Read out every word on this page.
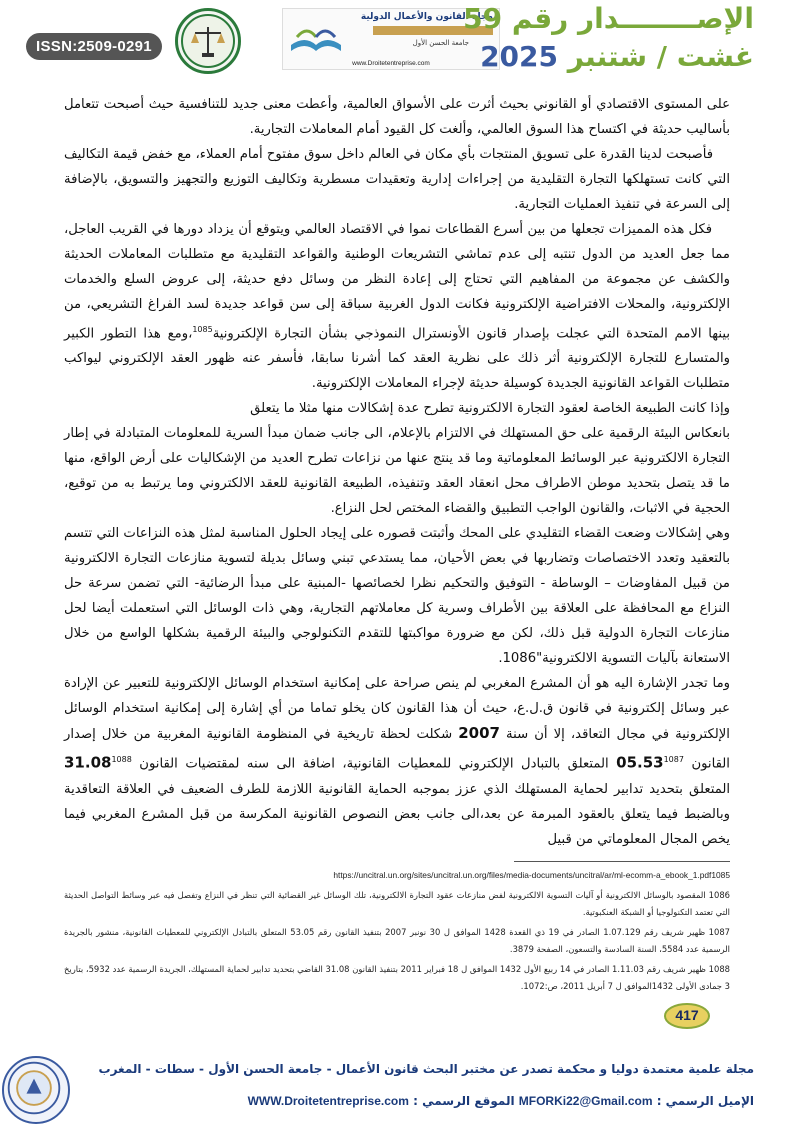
ISSN:2509-0291
مجلة القانون والأعمال الدولية
جامعة الحسن الأول
www.Droitetentreprise.com
الإصــــــــدار رقم 59
غشت / شتنبر 2025

على المستوى الاقتصادي أو القانوني بحيث أثرت على الأسواق العالمية، وأعطت معنى جديد للتنافسية حيث أصبحت تتعامل بأساليب حديثة في اكتساح هذا السوق العالمي، وألغت كل القيود أمام المعاملات التجارية.

فأصبحت لدينا القدرة على تسويق المنتجات بأي مكان في العالم داخل سوق مفتوح أمام العملاء، مع خفض قيمة التكاليف التي كانت تستهلكها التجارة التقليدية من إجراءات إدارية وتعقيدات مسطرية وتكاليف التوزيع والتجهيز والتسويق، بالإضافة إلى السرعة في تنفيذ العمليات التجارية.

فكل هذه المميزات تجعلها من بين أسرع القطاعات نموا في الاقتصاد العالمي ويتوقع أن يزداد دورها في القريب العاجل، مما جعل العديد من الدول تنتبه إلى عدم تماشي التشريعات الوطنية والقواعد التقليدية مع متطلبات المعاملات الحديثة والكشف عن مجموعة من المفاهيم التي تحتاج إلى إعادة النظر من وسائل دفع حديثة، إلى عروض السلع والخدمات الإلكترونية، والمحلات الافتراضية الإلكترونية فكانت الدول الغربية سباقة إلى سن قواعد جديدة لسد الفراغ التشريعي، من بينها الامم المتحدة التي عجلت بإصدار قانون الأونسترال النموذجي بشأن التجارة الإلكترونية$^{1085}$،ومع هذا التطور الكبير والمتسارع للتجارة الإلكترونية أثر ذلك على نظرية العقد كما أشرنا سابقا، فأسفر عنه ظهور العقد الإلكتروني ليواكب متطلبات القواعد القانونية الجديدة كوسيلة حديثة لإجراء المعاملات الإلكترونية.

وإذا كانت الطبيعة الخاصة لعقود التجارة الالكترونية تطرح عدة إشكالات منها مثلا ما يتعلق

بانعكاس البيئة الرقمية على حق المستهلك في الالتزام بالإعلام، الى جانب ضمان مبدأ السرية للمعلومات المتبادلة في إطار التجارة الالكترونية عبر الوسائط المعلوماتية وما قد ينتج عنها من نزاعات تطرح العديد من الإشكاليات على أرض الواقع، منها ما قد يتصل بتحديد موطن الاطراف محل انعقاد العقد وتنفيذه، الطبيعة القانونية للعقد الالكتروني وما يرتبط به من توقيع، الحجية في الاثبات، والقانون الواجب التطبيق والقضاء المختص لحل النزاع.

وهي إشكالات وضعت القضاء التقليدي على المحك وأثبتت قصوره على إيجاد الحلول المناسبة لمثل هذه النزاعات التي تتسم بالتعقيد وتعدد الاختصاصات وتضاربها في بعض الأحيان، مما يستدعي تبني وسائل بديلة لتسوية منازعات التجارة الالكترونية من قبيل المفاوضات – الوساطة - التوفيق والتحكيم نظرا لخصائصها -المبنية على مبدأ الرضائية- التي تضمن سرعة حل النزاع مع المحافظة على العلاقة بين الأطراف وسرية كل معاملاتهم التجارية، وهي ذات الوسائل التي استعملت أيضا لحل منازعات التجارة الدولية قبل ذلك، لكن مع ضرورة مواكبتها للتقدم التكنولوجي والبيئة الرقمية بشكلها الواسع من خلال الاستعانة بآليات التسوية الالكترونية"1086.

وما تجدر الإشارة اليه هو أن المشرع المغربي لم ينص صراحة على إمكانية استخدام الوسائل الإلكترونية للتعبير عن الإرادة عبر وسائل إلكترونية في قانون ق.ل.ع، حيث أن هذا القانون كان يخلو تماما من أي إشارة إلى إمكانية استخدام الوسائل الإلكترونية في مجال التعاقد، إلا أن سنة 2007 شكلت لحظة تاريخية في المنظومة القانونية المغربية من خلال إصدار القانون $05.53^{1087}$ المتعلق بالتبادل الإلكتروني للمعطيات القانونية، اضافة الى سنه لمقتضيات القانون $31.08^{1088}$ المتعلق بتحديد تدابير لحماية المستهلك الذي عزز بموجبه الحماية القانونية اللازمة للطرف الضعيف في العلاقة التعاقدية وبالضبط فيما يتعلق بالعقود المبرمة عن بعد،الى جانب بعض النصوص القانونية المكرسة من قبل المشرع المغربي فيما يخص المجال المعلوماتي من قبيل

https://uncitral.un.org/sites/uncitral.un.org/files/media-documents/uncitral/ar/ml-ecomm-a_ebook_1.pdf1085

1086 المقصود بالوسائل الالكترونية أو آليات التسوية الالكترونية لفض منازعات عقود التجارة الالكترونية، تلك الوسائل غير القضائية التي تنظر في النزاع وتفصل فيه عبر وسائط التواصل الحديثة التي تعتمد التكنولوجيا أو الشبكة العنكبوتية.

1087 ظهير شريف رقم 1.07.129 الصادر في 19 ذي القعدة 1428 الموافق ل 30 نونبر 2007 بتنفيذ القانون رقم 53.05 المتعلق بالتبادل الإلكتروني للمعطيات القانونية، منشور بالجريدة الرسمية عدد 5584، السنة السادسة والتسعون، الصفحة 3879.

1088 ظهير شريف رقم 1.11.03 الصادر في 14 ربيع الأول 1432 الموافق ل 18 فبراير 2011 بتنفيذ القانون 31.08 القاضي بتحديد تدابير لحماية المستهلك، الجريدة الرسمية عدد 5932، بتاريخ 3 جمادى الأولى 1432الموافق ل 7 أبريل 2011، ص:1072.

417
مجلة علمية معتمدة دوليا و محكمة تصدر عن مختبر البحث قانون الأعمال - جامعة الحسن الأول - سطات - المغرب
الإميل الرسمي : MFORKi22@Gmail.com الموقع الرسمي : WWW.Droitetentreprise.com
